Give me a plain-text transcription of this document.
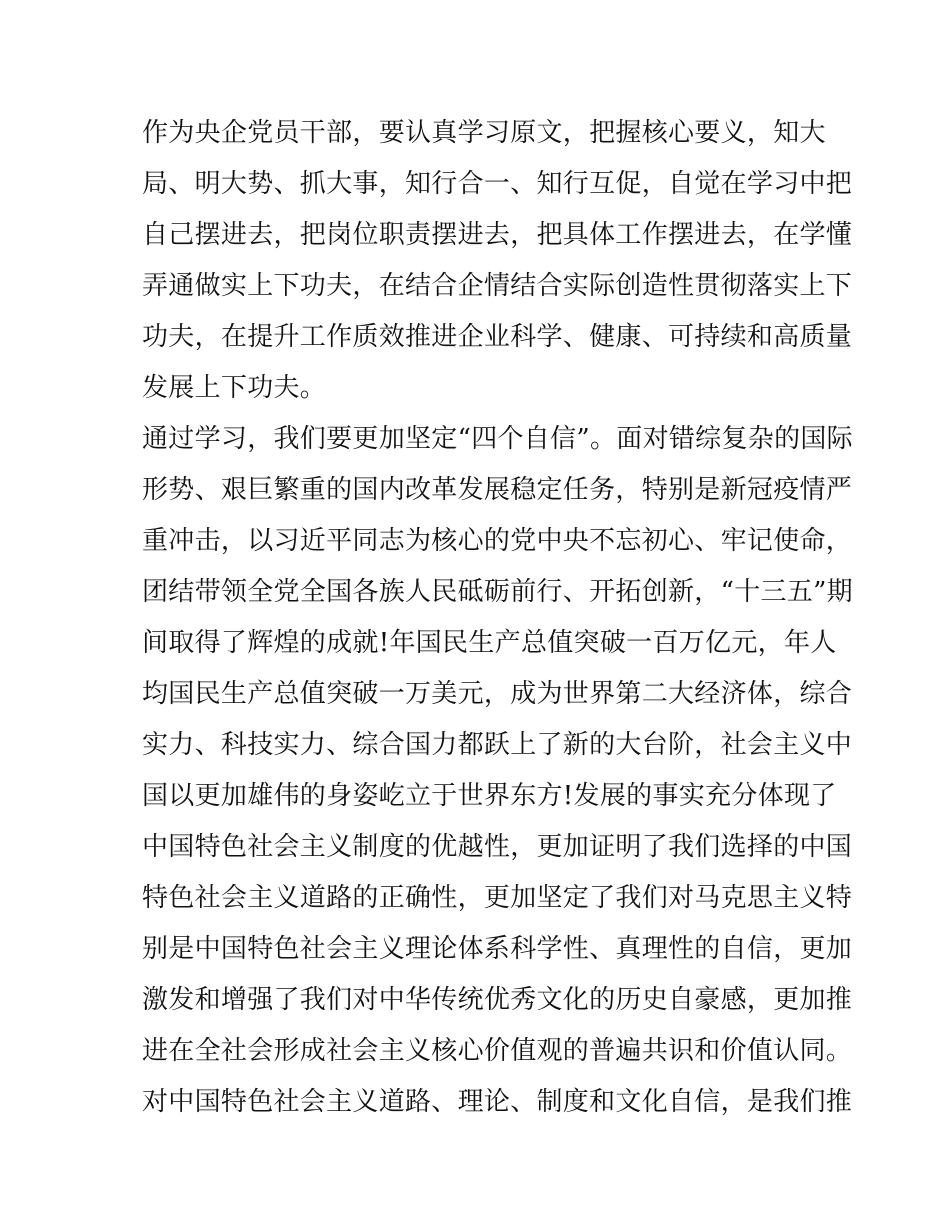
作为央企党员干部，要认真学习原文，把握核心要义，知大
局、明大势、抓大事，知行合一、知行互促，自觉在学习中把
自己摆进去，把岗位职责摆进去，把具体工作摆进去，在学懂
弄通做实上下功夫，在结合企情结合实际创造性贯彻落实上下
功夫，在提升工作质效推进企业科学、健康、可持续和高质量
发展上下功夫。
通过学习，我们要更加坚定“四个自信”。面对错综复杂的国际
形势、艰巨繁重的国内改革发展稳定任务，特别是新冠疫情严
重冲击，以习近平同志为核心的党中央不忘初心、牢记使命，
团结带领全党全国各族人民砥砺前行、开拓创新，“十三五”期
间取得了辉煌的成就!年国民生产总值突破一百万亿元，年人
均国民生产总值突破一万美元，成为世界第二大经济体，综合
实力、科技实力、综合国力都跃上了新的大台阶，社会主义中
国以更加雄伟的身姿屹立于世界东方!发展的事实充分体现了
中国特色社会主义制度的优越性，更加证明了我们选择的中国
特色社会主义道路的正确性，更加坚定了我们对马克思主义特
别是中国特色社会主义理论体系科学性、真理性的自信，更加
激发和增强了我们对中华传统优秀文化的历史自豪感，更加推
进在全社会形成社会主义核心价值观的普遍共识和价值认同。
对中国特色社会主义道路、理论、制度和文化自信，是我们推
